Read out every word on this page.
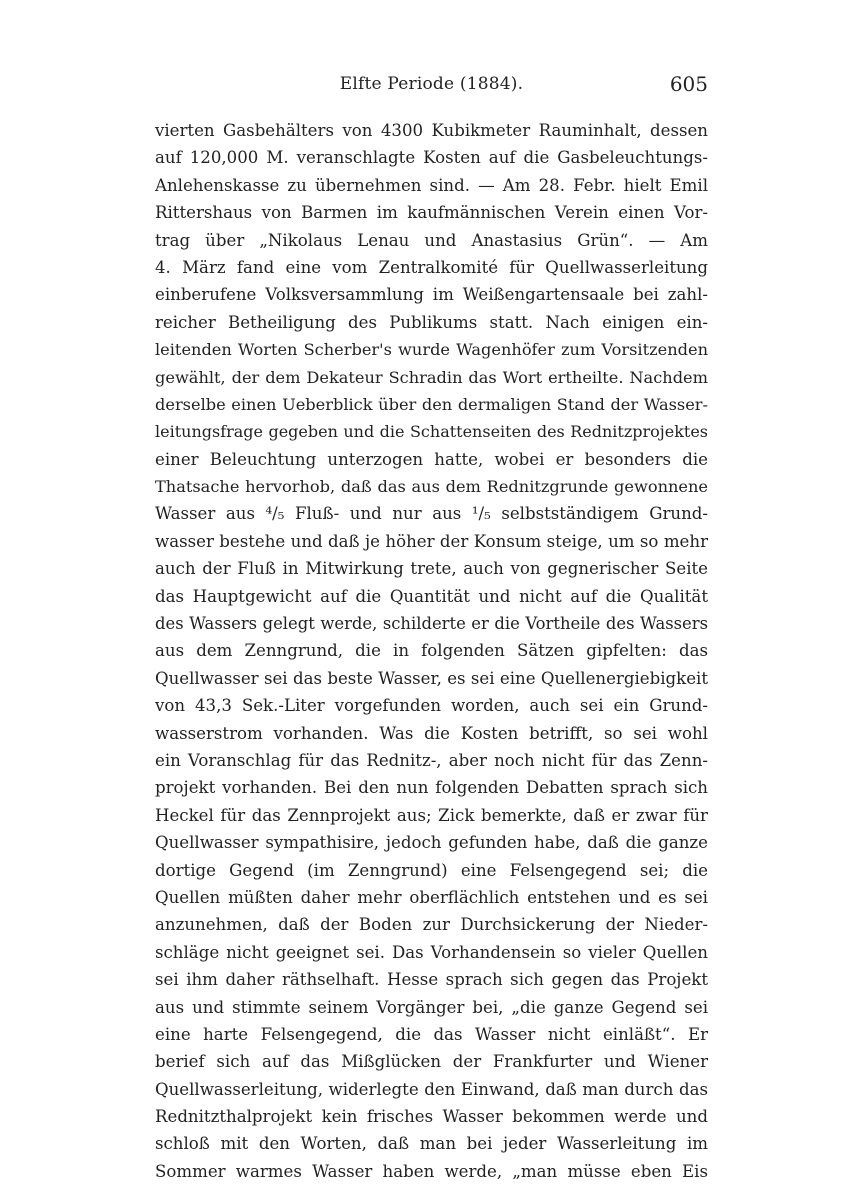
Elfte Periode (1884).	605
vierten Gasbehälters von 4300 Kubikmeter Rauminhalt, dessen
auf 120,000 M. veranschlagte Kosten auf die Gasbeleuchtungs-
Anlehenskasse zu übernehmen sind. — Am 28. Febr. hielt Emil
Rittershaus von Barmen im kaufmännischen Verein einen Vor-
trag über „Nikolaus Lenau und Anastasius Grün“. — Am
4. März fand eine vom Zentralkomité für Quellwasserleitung
einberufene Volksversammlung im Weißengartensaale bei zahl-
reicher Betheiligung des Publikums statt. Nach einigen ein-
leitenden Worten Scherber's wurde Wagenhöfer zum Vorsitzenden
gewählt, der dem Dekateur Schradin das Wort ertheilte. Nachdem
derselbe einen Ueberblick über den dermaligen Stand der Wasser-
leitungsfrage gegeben und die Schattenseiten des Rednitzprojektes
einer Beleuchtung unterzogen hatte, wobei er besonders die
Thatsache hervorhob, daß das aus dem Rednitzgrunde gewonnene
Wasser aus ⁴/₅ Fluß- und nur aus ¹/₅ selbstständigem Grund-
wasser bestehe und daß je höher der Konsum steige, um so mehr
auch der Fluß in Mitwirkung trete, auch von gegnerischer Seite
das Hauptgewicht auf die Quantität und nicht auf die Qualität
des Wassers gelegt werde, schilderte er die Vortheile des Wassers
aus dem Zenngrund, die in folgenden Sätzen gipfelten: das
Quellwasser sei das beste Wasser, es sei eine Quellenergiebigkeit
von 43,3 Sek.-Liter vorgefunden worden, auch sei ein Grund-
wasserstrom vorhanden. Was die Kosten betrifft, so sei wohl
ein Voranschlag für das Rednitz-, aber noch nicht für das Zenn-
projekt vorhanden. Bei den nun folgenden Debatten sprach sich
Heckel für das Zennprojekt aus; Zick bemerkte, daß er zwar für
Quellwasser sympathisire, jedoch gefunden habe, daß die ganze
dortige Gegend (im Zenngrund) eine Felsengegend sei; die
Quellen müßten daher mehr oberflächlich entstehen und es sei
anzunehmen, daß der Boden zur Durchsickerung der Nieder-
schläge nicht geeignet sei. Das Vorhandensein so vieler Quellen
sei ihm daher räthselhaft. Hesse sprach sich gegen das Projekt
aus und stimmte seinem Vorgänger bei, „die ganze Gegend sei
eine harte Felsengegend, die das Wasser nicht einläßt“. Er
berief sich auf das Mißglücken der Frankfurter und Wiener
Quellwasserleitung, widerlegte den Einwand, daß man durch das
Rednitzthalprojekt kein frisches Wasser bekommen werde und
schloß mit den Worten, daß man bei jeder Wasserleitung im
Sommer warmes Wasser haben werde, „man müsse eben Eis
